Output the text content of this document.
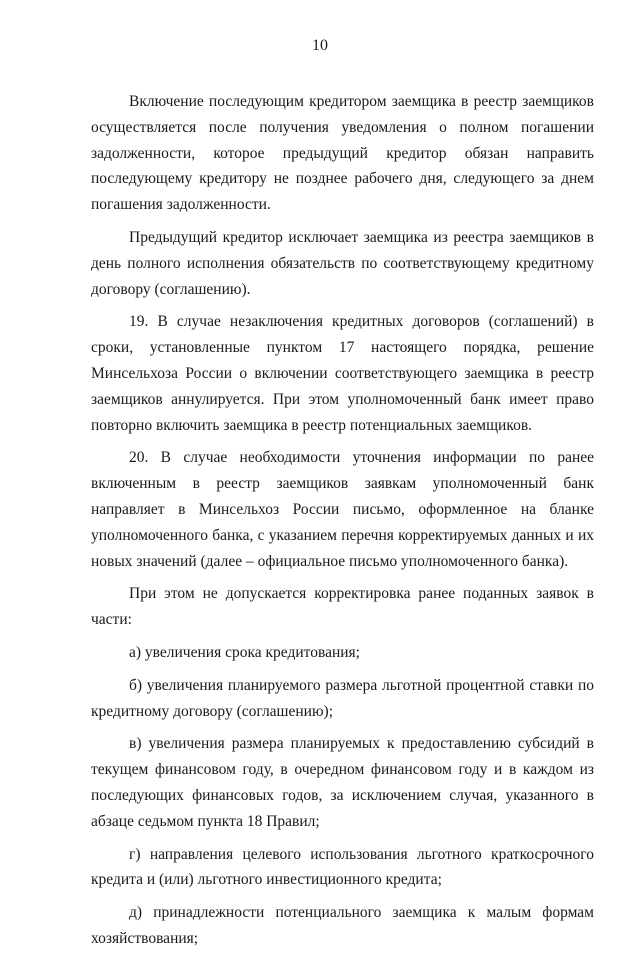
10

Включение последующим кредитором заемщика в реестр заемщиков осуществляется после получения уведомления о полном погашении задолженности, которое предыдущий кредитор обязан направить последующему кредитору не позднее рабочего дня, следующего за днем погашения задолженности.

Предыдущий кредитор исключает заемщика из реестра заемщиков в день полного исполнения обязательств по соответствующему кредитному договору (соглашению).

19. В случае незаключения кредитных договоров (соглашений) в сроки, установленные пунктом 17 настоящего порядка, решение Минсельхоза России о включении соответствующего заемщика в реестр заемщиков аннулируется. При этом уполномоченный банк имеет право повторно включить заемщика в реестр потенциальных заемщиков.

20. В случае необходимости уточнения информации по ранее включенным в реестр заемщиков заявкам уполномоченный банк направляет в Минсельхоз России письмо, оформленное на бланке уполномоченного банка, с указанием перечня корректируемых данных и их новых значений (далее – официальное письмо уполномоченного банка).

При этом не допускается корректировка ранее поданных заявок в части:

а) увеличения срока кредитования;

б) увеличения планируемого размера льготной процентной ставки по кредитному договору (соглашению);

в) увеличения размера планируемых к предоставлению субсидий в текущем финансовом году, в очередном финансовом году и в каждом из последующих финансовых годов, за исключением случая, указанного в абзаце седьмом пункта 18 Правил;

г) направления целевого использования льготного краткосрочного кредита и (или) льготного инвестиционного кредита;

д) принадлежности потенциального заемщика к малым формам хозяйствования;
